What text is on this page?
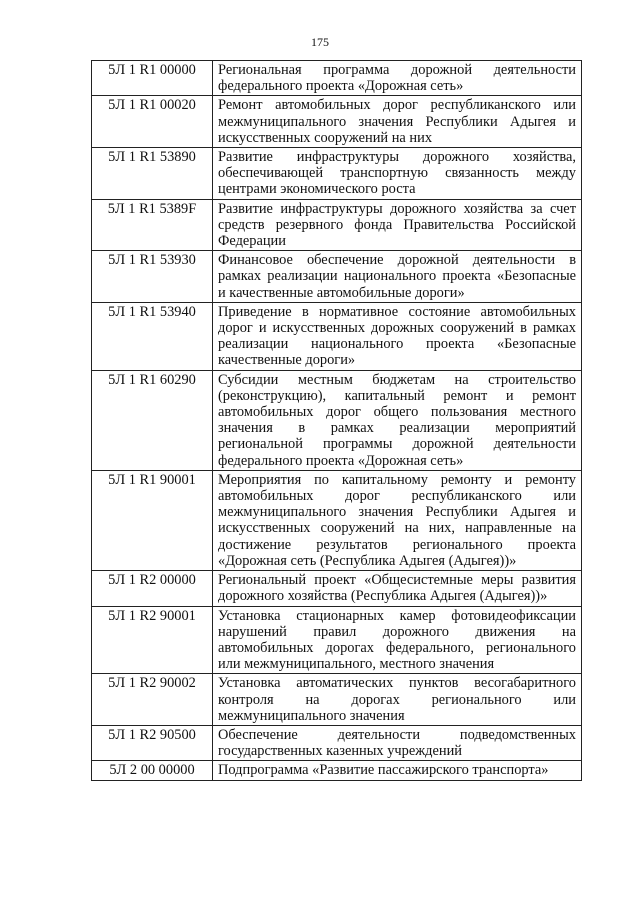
175
5Л 1 R1 00000	Региональная программа дорожной деятельности федерального проекта «Дорожная сеть»
5Л 1 R1 00020	Ремонт автомобильных дорог республиканского или межмуниципального значения Республики Адыгея и искусственных сооружений на них
5Л 1 R1 53890	Развитие инфраструктуры дорожного хозяйства, обеспечивающей транспортную связанность между центрами экономического роста
5Л 1 R1 5389F	Развитие инфраструктуры дорожного хозяйства за счет средств резервного фонда Правительства Российской Федерации
5Л 1 R1 53930	Финансовое обеспечение дорожной деятельности в рамках реализации национального проекта «Безопасные и качественные автомобильные дороги»
5Л 1 R1 53940	Приведение в нормативное состояние автомобильных дорог и искусственных дорожных сооружений в рамках реализации национального проекта «Безопасные качественные дороги»
5Л 1 R1 60290	Субсидии местным бюджетам на строительство (реконструкцию), капитальный ремонт и ремонт автомобильных дорог общего пользования местного значения в рамках реализации мероприятий региональной программы дорожной деятельности федерального проекта «Дорожная сеть»
5Л 1 R1 90001	Мероприятия по капитальному ремонту и ремонту автомобильных дорог республиканского или межмуниципального значения Республики Адыгея и искусственных сооружений на них, направленные на достижение результатов регионального проекта «Дорожная сеть (Республика Адыгея (Адыгея))»
5Л 1 R2 00000	Региональный проект «Общесистемные меры развития дорожного хозяйства (Республика Адыгея (Адыгея))»
5Л 1 R2 90001	Установка стационарных камер фотовидеофиксации нарушений правил дорожного движения на автомобильных дорогах федерального, регионального или межмуниципального, местного значения
5Л 1 R2 90002	Установка автоматических пунктов весогабаритного контроля на дорогах регионального или межмуниципального значения
5Л 1 R2 90500	Обеспечение деятельности подведомственных государственных казенных учреждений
5Л 2 00 00000	Подпрограмма «Развитие пассажирского транспорта»
